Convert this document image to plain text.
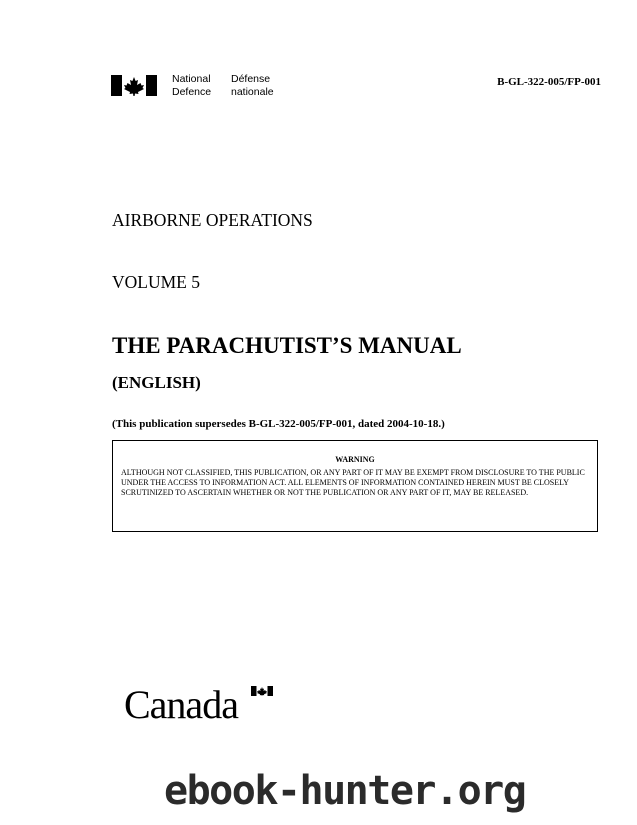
National
Defence
Défense
nationale
B-GL-322-005/FP-001
AIRBORNE OPERATIONS
VOLUME 5
THE PARACHUTIST’S MANUAL
(ENGLISH)
(This publication supersedes B-GL-322-005/FP-001, dated 2004-10-18.)

WARNING

ALTHOUGH NOT CLASSIFIED, THIS PUBLICATION, OR ANY PART OF IT MAY BE EXEMPT FROM DISCLOSURE TO THE PUBLIC UNDER THE ACCESS TO INFORMATION ACT. ALL ELEMENTS OF INFORMATION CONTAINED HEREIN MUST BE CLOSELY SCRUTINIZED TO ASCERTAIN WHETHER OR NOT THE PUBLICATION OR ANY PART OF IT, MAY BE RELEASED.

Canada
ebook-hunter.org
